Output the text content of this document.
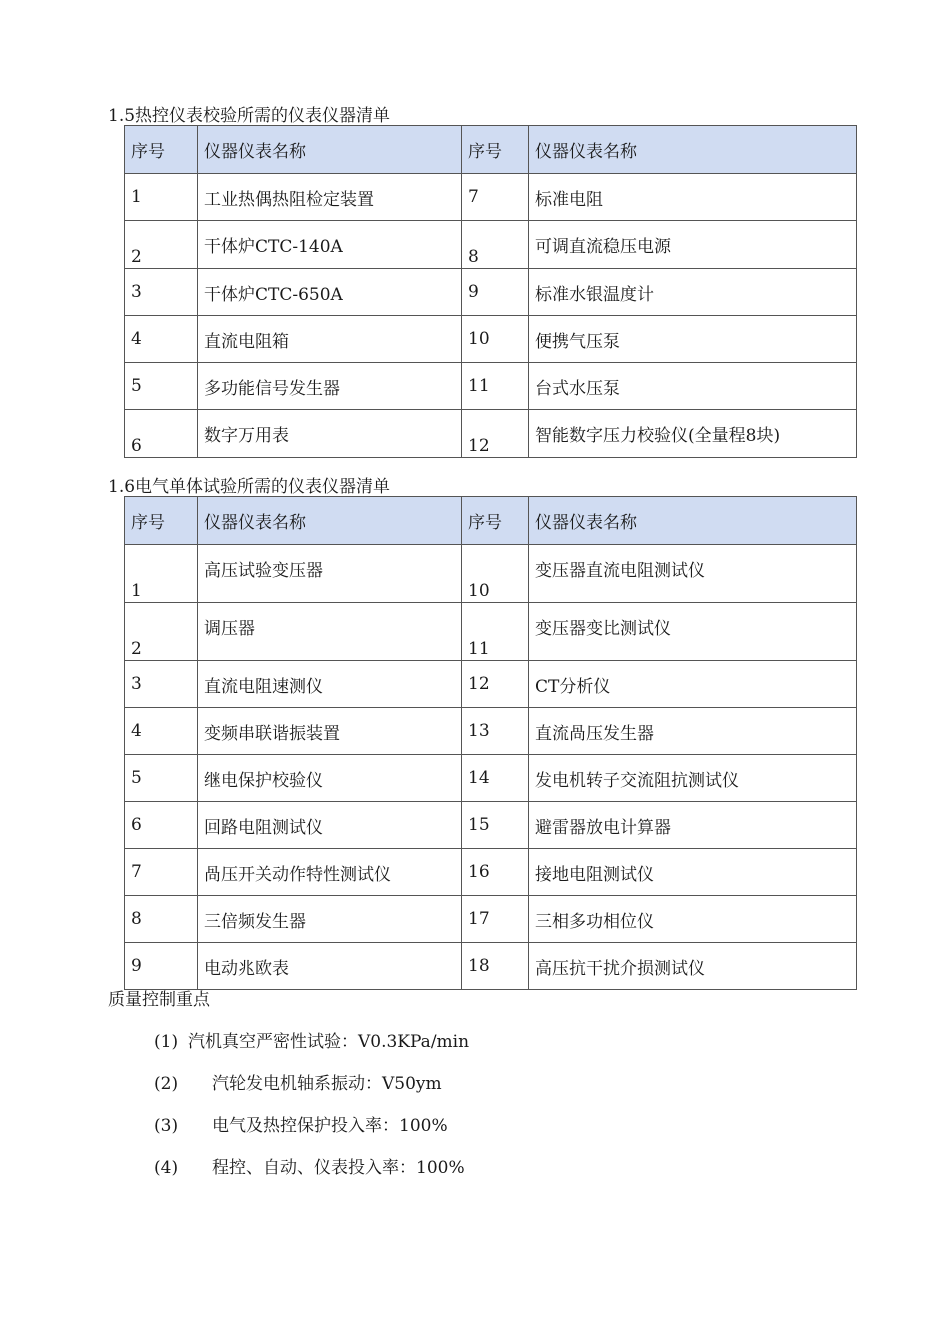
1.5热控仪表校验所需的仪表仪器清单
序号	仪器仪表名称	序号	仪器仪表名称
1	工业热偶热阻检定装置	7	标准电阻
2	干体炉CTC-140A	8	可调直流稳压电源
3	干体炉CTC-650A	9	标准水银温度计
4	直流电阻箱	10	便携气压泵
5	多功能信号发生器	11	台式水压泵
6	数字万用表	12	智能数字压力校验仪(全量程8块)
1.6电气单体试验所需的仪表仪器清单
序号	仪器仪表名称	序号	仪器仪表名称
1	高压试验变压器	10	变压器直流电阻测试仪
2	调压器	11	变压器变比测试仪
3	直流电阻速测仪	12	CT分析仪
4	变频串联谐振装置	13	直流咼压发生器
5	继电保护校验仪	14	发电机转子交流阻抗测试仪
6	回路电阻测试仪	15	避雷器放电计算器
7	咼压开关动作特性测试仪	16	接地电阻测试仪
8	三倍频发生器	17	三相多功相位仪
9	电动兆欧表	18	高压抗干扰介损测试仪
质量控制重点
(1) 汽机真空严密性试验：V0.3KPa/min
(2) 汽轮发电机轴系振动：V50ym
(3) 电气及热控保护投入率：100%
(4) 程控、自动、仪表投入率：100%
